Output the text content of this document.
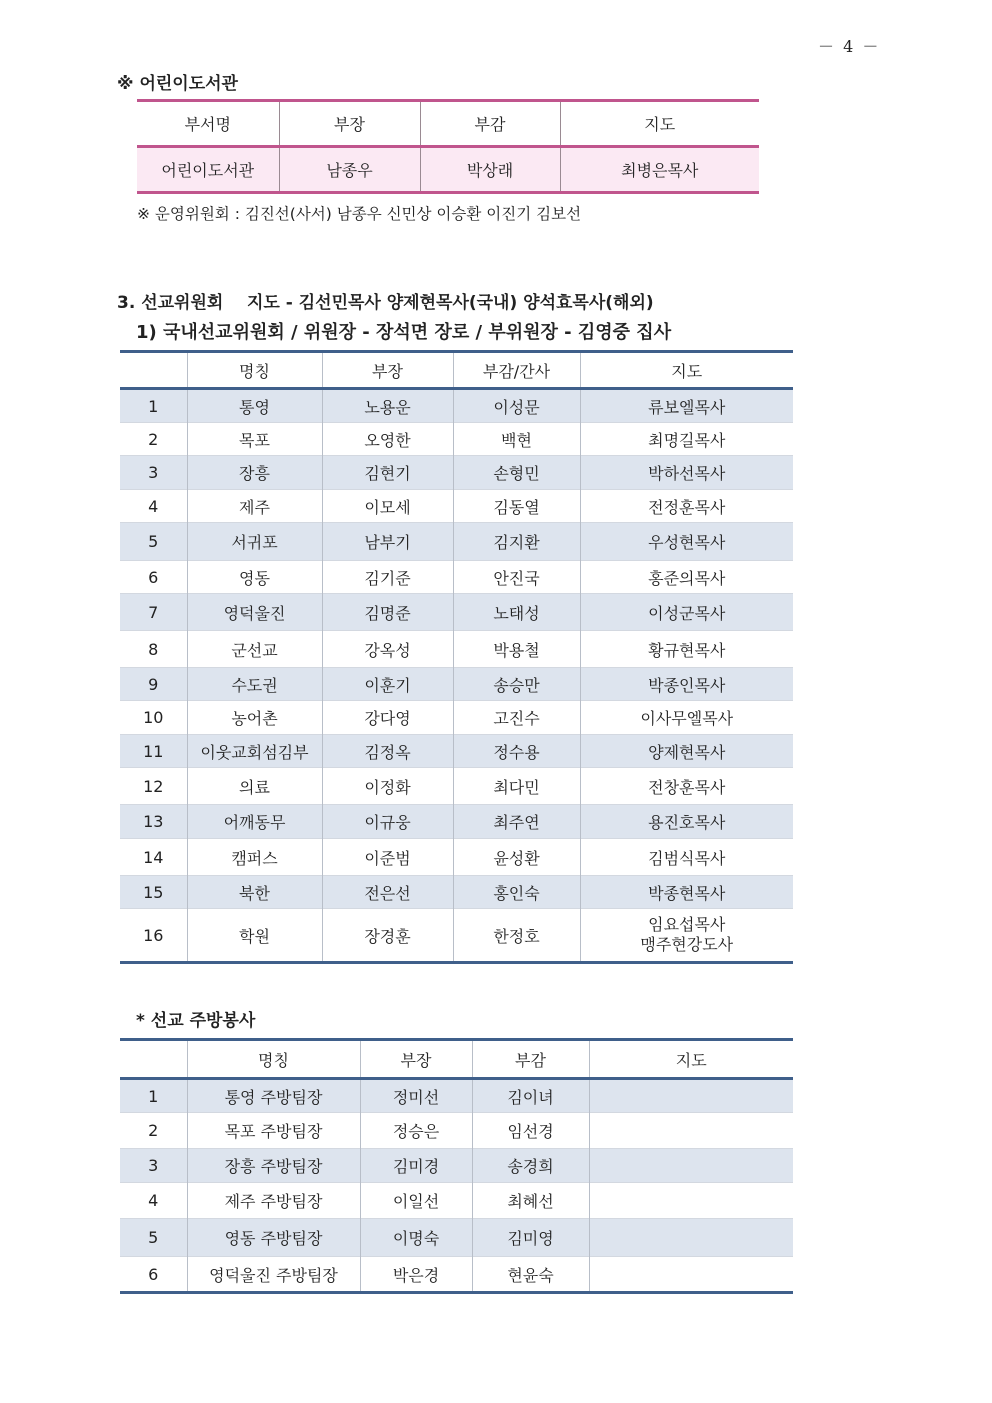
－ 4 －
※ 어린이도서관
부서명	부장	부감	지도
어린이도서관	남종우	박상래	최병은목사
※ 운영위원회 : 김진선(사서) 남종우 신민상 이승환 이진기 김보선
3. 선교위원회    지도 - 김선민목사 양제현목사(국내) 양석효목사(해외)
1) 국내선교위원회 / 위원장 - 장석면 장로 / 부위원장 - 김영중 집사
	명칭	부장	부감/간사	지도
1	통영	노용운	이성문	류보엘목사
2	목포	오영한	백현	최명길목사
3	장흥	김현기	손형민	박하선목사
4	제주	이모세	김동열	전정훈목사
5	서귀포	남부기	김지환	우성현목사
6	영동	김기준	안진국	홍준의목사
7	영덕울진	김명준	노태성	이성군목사
8	군선교	강옥성	박용철	황규현목사
9	수도권	이훈기	송승만	박종인목사
10	농어촌	강다영	고진수	이사무엘목사
11	이웃교회섬김부	김정옥	정수용	양제현목사
12	의료	이정화	최다민	전창훈목사
13	어깨동무	이규웅	최주연	용진호목사
14	캠퍼스	이준범	윤성환	김범식목사
15	북한	전은선	홍인숙	박종현목사
16	학원	장경훈	한정호	임요섭목사
맹주현강도사
* 선교 주방봉사
	명칭	부장	부감	지도
1	통영 주방팀장	정미선	김이녀	
2	목포 주방팀장	정승은	임선경	
3	장흥 주방팀장	김미경	송경희	
4	제주 주방팀장	이일선	최혜선	
5	영동 주방팀장	이명숙	김미영	
6	영덕울진 주방팀장	박은경	현윤숙	
